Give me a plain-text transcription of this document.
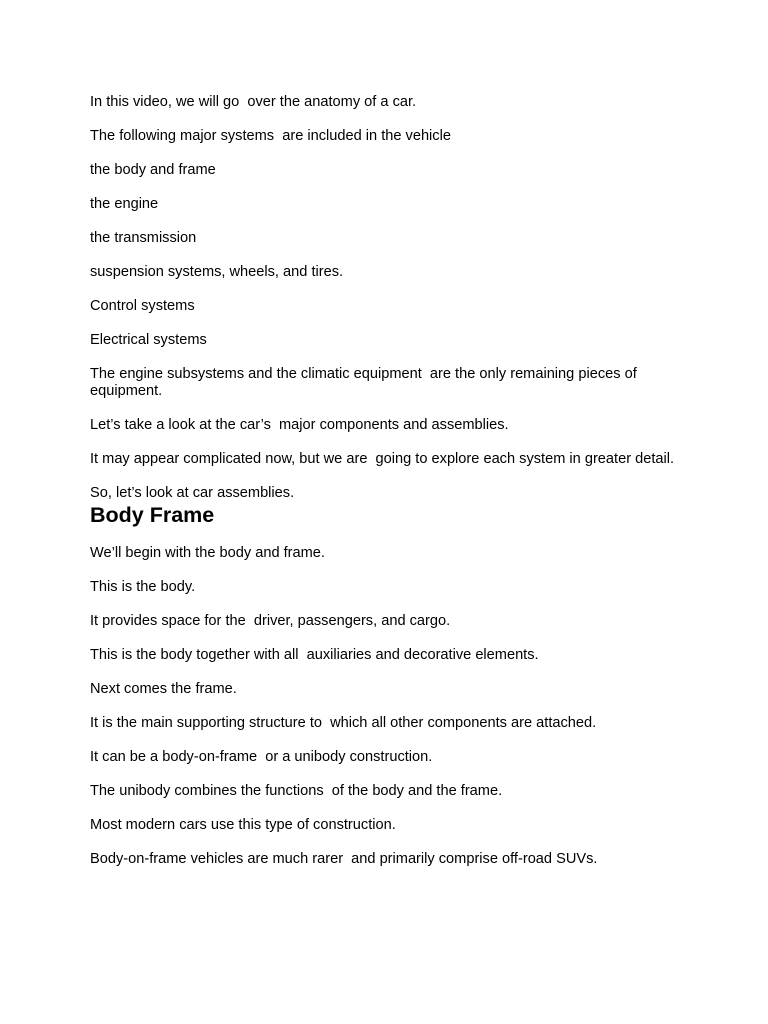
In this video, we will go  over the anatomy of a car.

The following major systems  are included in the vehicle

the body and frame

the engine

the transmission

suspension systems, wheels, and tires.

Control systems

Electrical systems

The engine subsystems and the climatic equipment  are the only remaining pieces of equipment.

Let’s take a look at the car’s  major components and assemblies.

It may appear complicated now, but we are  going to explore each system in greater detail.

So, let’s look at car assemblies.

Body Frame

We’ll begin with the body and frame.

This is the body.

It provides space for the  driver, passengers, and cargo.

This is the body together with all  auxiliaries and decorative elements.

Next comes the frame.

It is the main supporting structure to  which all other components are attached.

It can be a body-on-frame  or a unibody construction.

The unibody combines the functions  of the body and the frame.

Most modern cars use this type of construction.

Body-on-frame vehicles are much rarer  and primarily comprise off-road SUVs.
